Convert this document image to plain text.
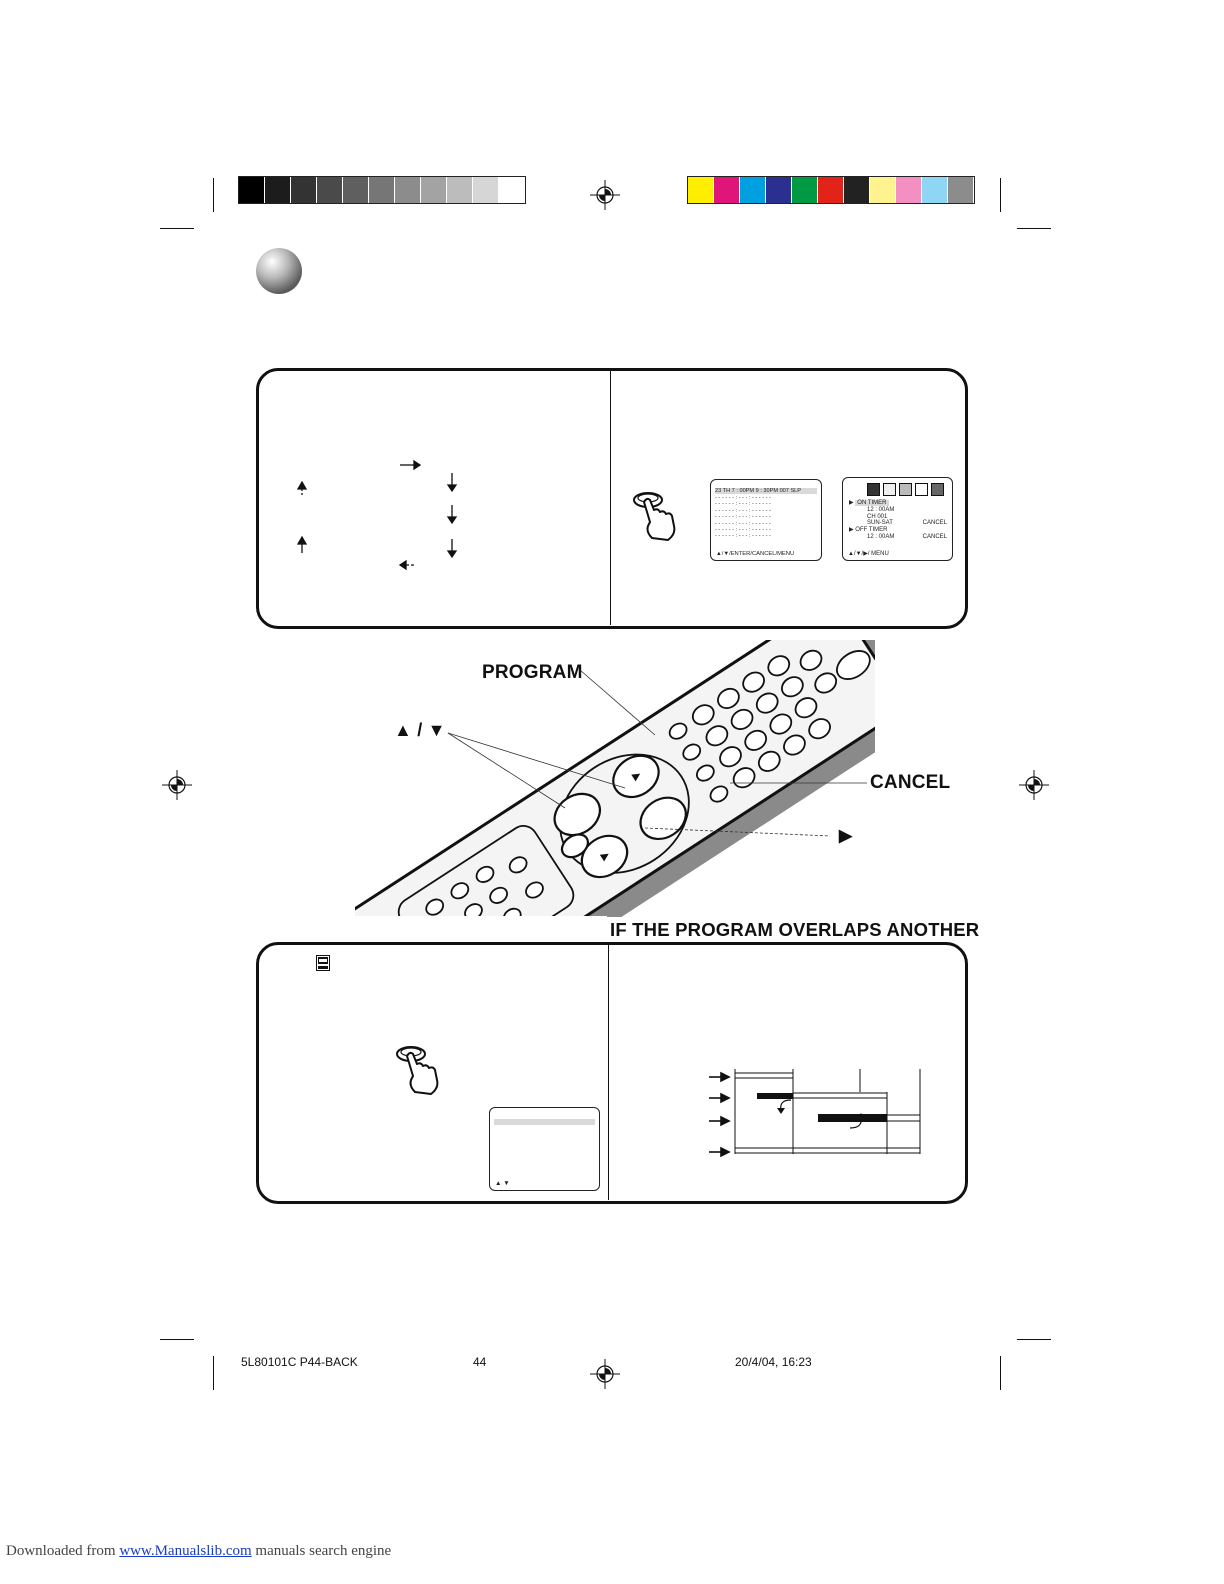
23 TH 7 : 00PM 9 : 30PM 007 SLP
- - - - - - : - - - : - - - - - -
- - - - - - : - - - : - - - - - -
- - - - - - : - - - : - - - - - -
- - - - - - : - - - : - - - - - -
- - - - - - : - - - : - - - - - -
- - - - - - : - - - : - - - - - -
- - - - - - : - - - : - - - - - -
▲/▼/ENTER/CANCEL/MENU
▶ ON TIMER
12 : 00AM
CH 001
SUN-SAT	CANCEL
▶ OFF TIMER
12 : 00AM	CANCEL
▲/▼/▶/ MENU
PROGRAM
▲ / ▼
CANCEL
▶
IF THE PROGRAM OVERLAPS ANOTHER
▲ ▼
5L80101C P44-BACK	44	20/4/04, 16:23
Downloaded from www.Manualslib.com manuals search engine
